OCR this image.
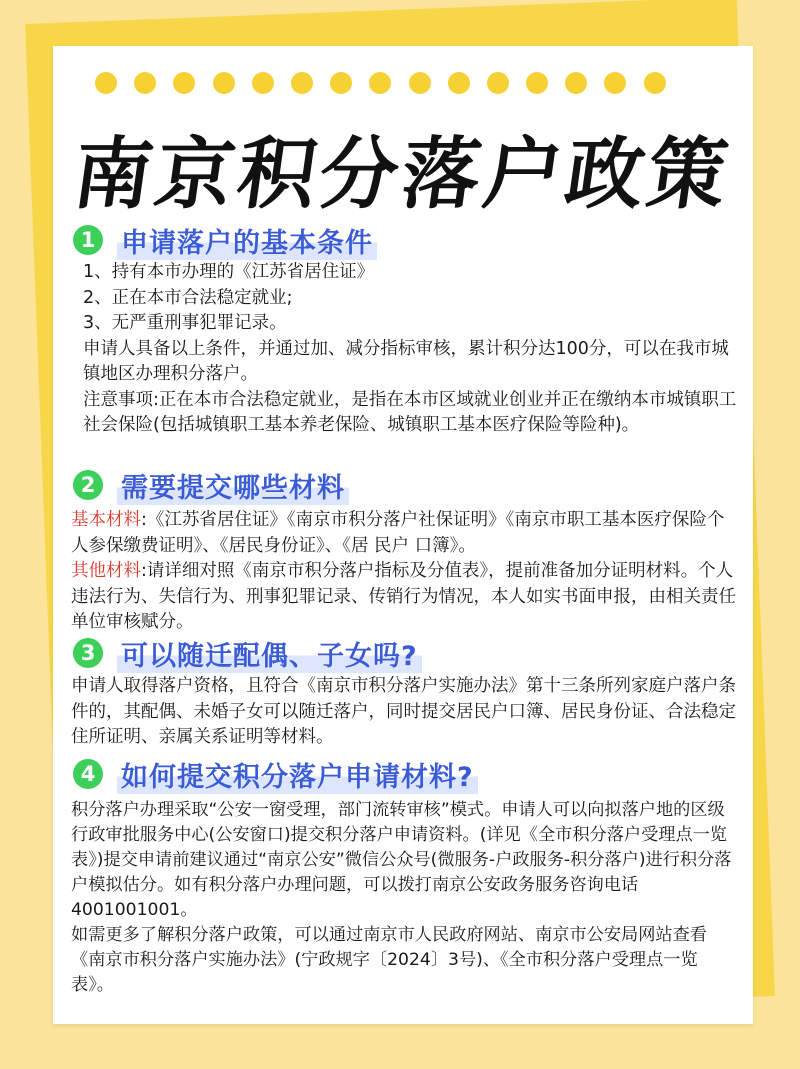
南京积分落户政策
1 申请落户的基本条件

1、持有本市办理的《江苏省居住证》

2、正在本市合法稳定就业;

3、无严重刑事犯罪记录。

申请人具备以上条件，并通过加、减分指标审核，累计积分达100分，可以在我市城镇地区办理积分落户。

注意事项:正在本市合法稳定就业，是指在本市区域就业创业并正在缴纳本市城镇职工社会保险(包括城镇职工基本养老保险、城镇职工基本医疗保险等险种)。

2 需要提交哪些材料

基本材料:《江苏省居住证》《南京市积分落户社保证明》《南京市职工基本医疗保险个人参保缴费证明》、《居民身份证》、《居 民户 口簿》。

其他材料:请详细对照《南京市积分落户指标及分值表》，提前准备加分证明材料。个人违法行为、失信行为、刑事犯罪记录、传销行为情况，本人如实书面申报，由相关责任单位审核赋分。

3 可以随迁配偶、子女吗?

申请人取得落户资格，且符合《南京市积分落户实施办法》第十三条所列家庭户落户条件的，其配偶、未婚子女可以随迁落户，同时提交居民户口簿、居民身份证、合法稳定住所证明、亲属关系证明等材料。

4 如何提交积分落户申请材料?

积分落户办理采取“公安一窗受理，部门流转审核”模式。申请人可以向拟落户地的区级行政审批服务中心(公安窗口)提交积分落户申请资料。(详见《全市积分落户受理点一览表》)提交申请前建议通过“南京公安”微信公众号(微服务-户政服务-积分落户)进行积分落户模拟估分。如有积分落户办理问题，可以拨打南京公安政务服务咨询电话4001001001。

如需更多了解积分落户政策，可以通过南京市人民政府网站、南京市公安局网站查看《南京市积分落户实施办法》(宁政规字〔2024〕3号)、《全市积分落户受理点一览表》。
